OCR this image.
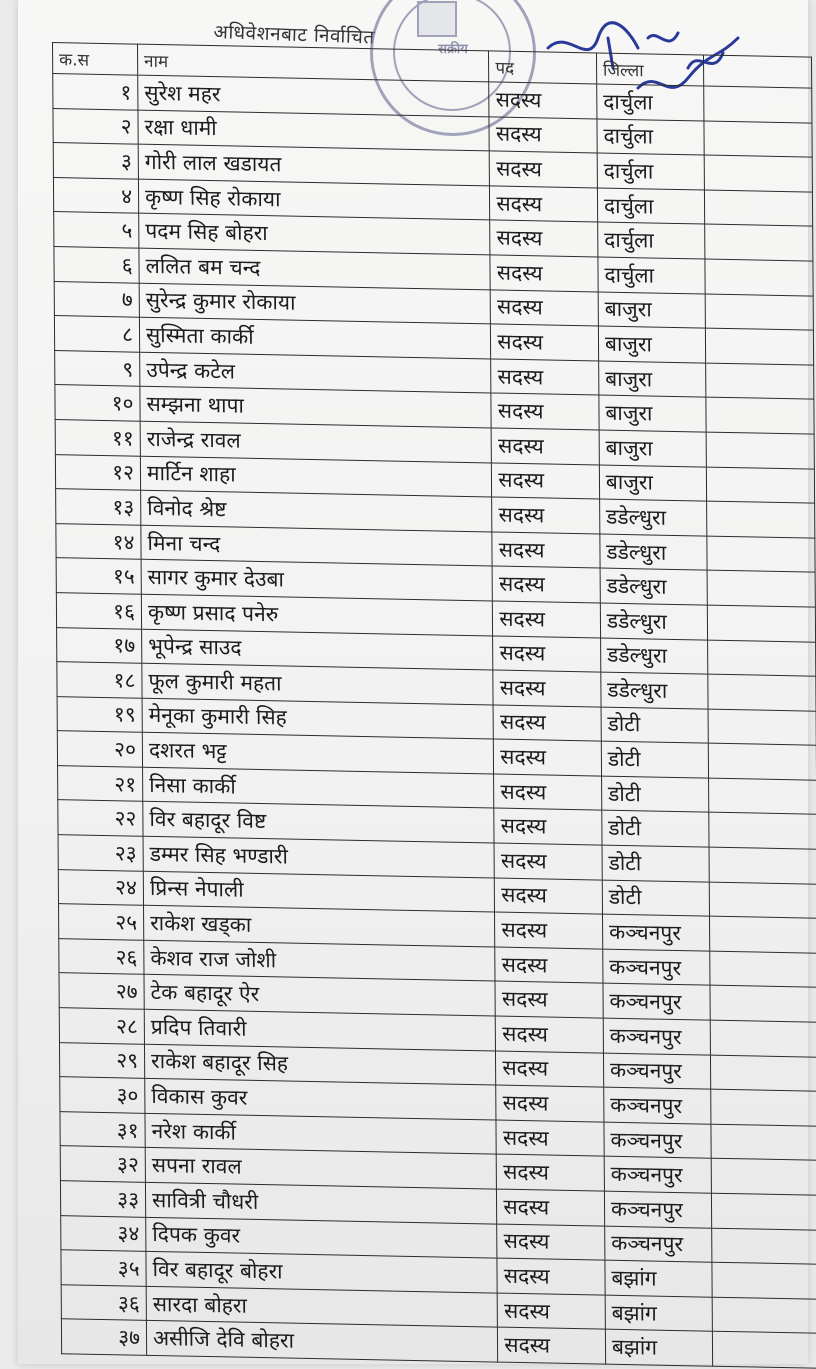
अधिवेशनबाट निर्वाचित
सक्रीय
क.स	नाम	पद	जिल्ला	
१	सुरेश महर	सदस्य	दार्चुला	
२	रक्षा धामी	सदस्य	दार्चुला	
३	गोरी लाल खडायत	सदस्य	दार्चुला	
४	कृष्ण सिह रोकाया	सदस्य	दार्चुला	
५	पदम सिह बोहरा	सदस्य	दार्चुला	
६	ललित बम चन्द	सदस्य	दार्चुला	
७	सुरेन्द्र कुमार रोकाया	सदस्य	बाजुरा	
८	सुस्मिता कार्की	सदस्य	बाजुरा	
९	उपेन्द्र कटेल	सदस्य	बाजुरा	
१०	सम्झना थापा	सदस्य	बाजुरा	
११	राजेन्द्र रावल	सदस्य	बाजुरा	
१२	मार्टिन शाहा	सदस्य	बाजुरा	
१३	विनोद श्रेष्ट	सदस्य	डडेल्धुरा	
१४	मिना चन्द	सदस्य	डडेल्धुरा	
१५	सागर कुमार देउबा	सदस्य	डडेल्धुरा	
१६	कृष्ण प्रसाद पनेरु	सदस्य	डडेल्धुरा	
१७	भूपेन्द्र साउद	सदस्य	डडेल्धुरा	
१८	फूल कुमारी महता	सदस्य	डडेल्धुरा	
१९	मेनूका कुमारी सिह	सदस्य	डोटी	
२०	दशरत भट्ट	सदस्य	डोटी	
२१	निसा कार्की	सदस्य	डोटी	
२२	विर बहादूर विष्ट	सदस्य	डोटी	
२३	डम्मर सिह भण्डारी	सदस्य	डोटी	
२४	प्रिन्स नेपाली	सदस्य	डोटी	
२५	राकेश खड्का	सदस्य	कञ्चनपुर	
२६	केशव राज जोशी	सदस्य	कञ्चनपुर	
२७	टेक बहादूर ऐर	सदस्य	कञ्चनपुर	
२८	प्रदिप तिवारी	सदस्य	कञ्चनपुर	
२९	राकेश बहादूर सिह	सदस्य	कञ्चनपुर	
३०	विकास कुवर	सदस्य	कञ्चनपुर	
३१	नरेश कार्की	सदस्य	कञ्चनपुर	
३२	सपना रावल	सदस्य	कञ्चनपुर	
३३	सावित्री चौधरी	सदस्य	कञ्चनपुर	
३४	दिपक कुवर	सदस्य	कञ्चनपुर	
३५	विर बहादूर बोहरा	सदस्य	बझांग	
३६	सारदा बोहरा	सदस्य	बझांग	
३७	असीजि देवि बोहरा	सदस्य	बझांग	
